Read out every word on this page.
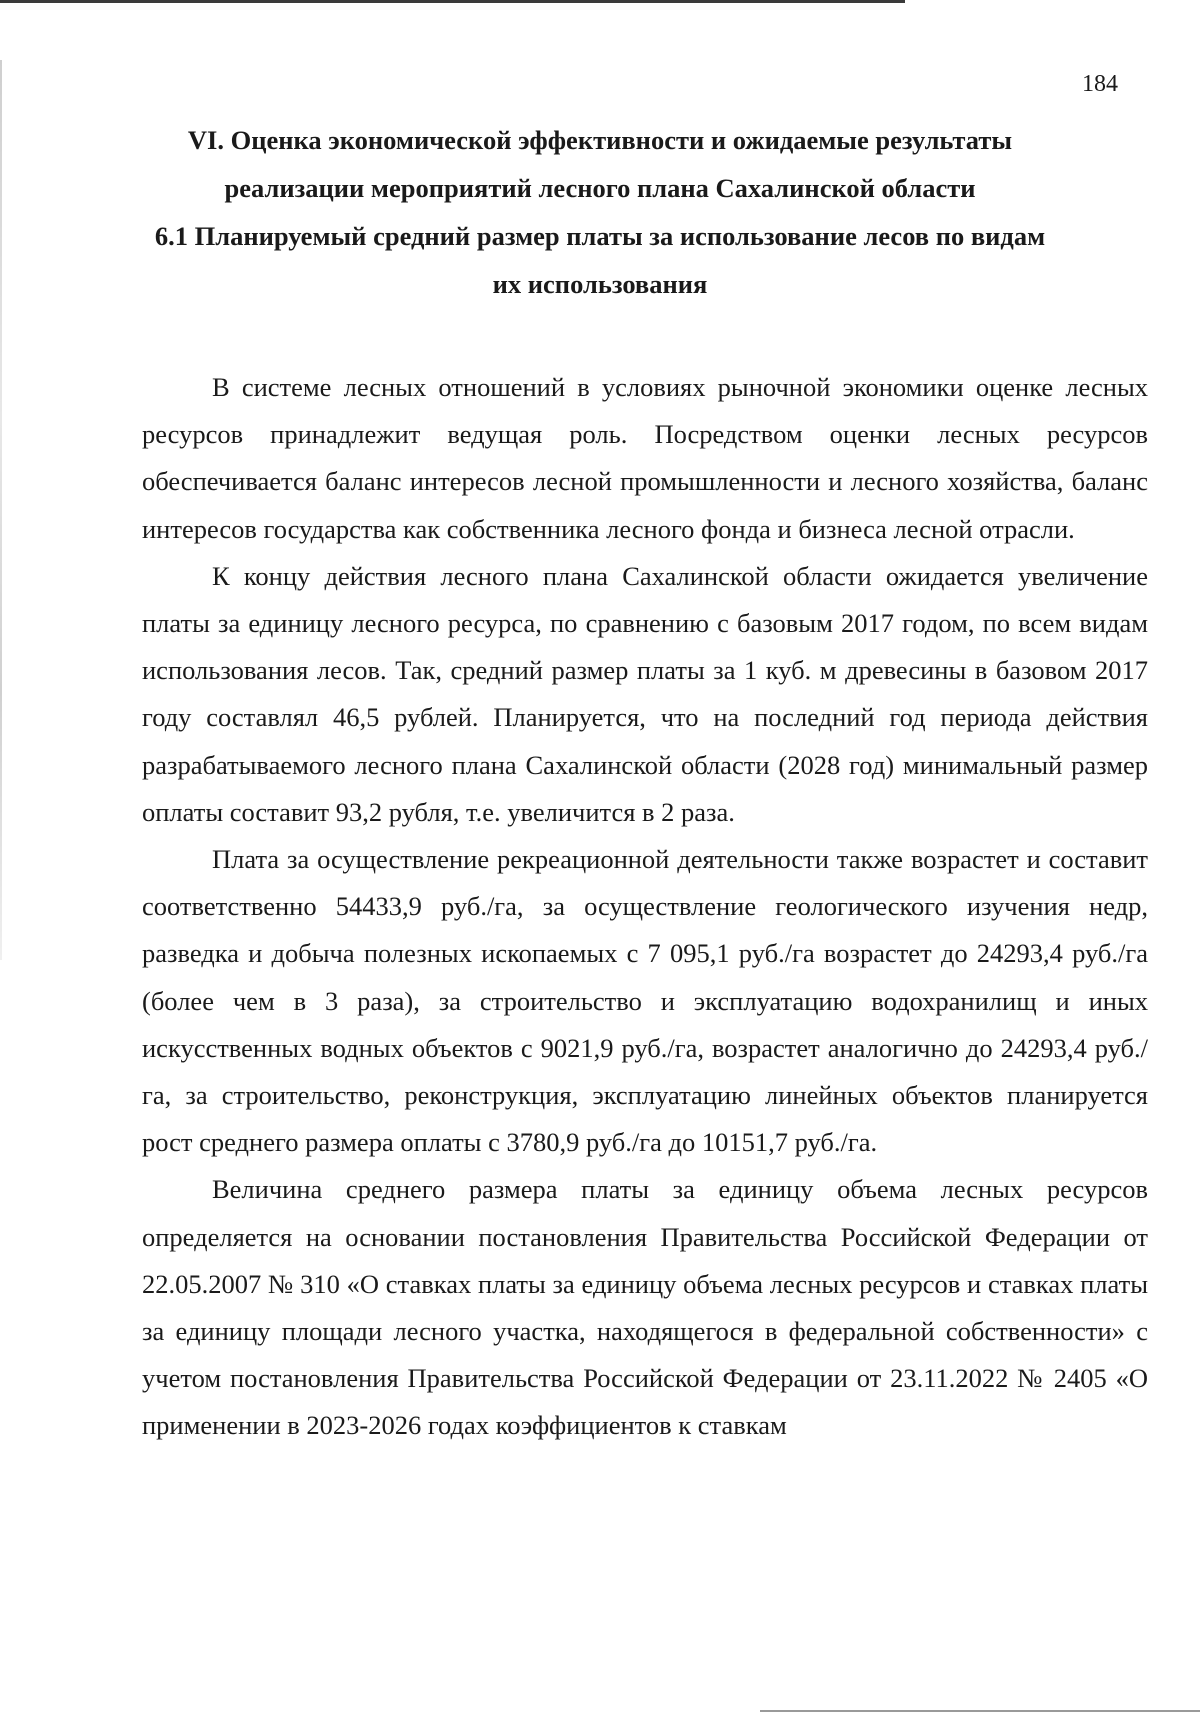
184
VI. Оценка экономической эффективности и ожидаемые результаты реализации мероприятий лесного плана Сахалинской области
6.1 Планируемый средний размер платы за использование лесов по видам их использования

В системе лесных отношений в условиях рыночной экономики оценке лесных ресурсов принадлежит ведущая роль. Посредством оценки лесных ресурсов обеспечивается баланс интересов лесной промышленности и лесного хозяйства, баланс интересов государства как собственника лесного фонда и бизнеса лесной отрасли.

К концу действия лесного плана Сахалинской области ожидается увеличение платы за единицу лесного ресурса, по сравнению с базовым 2017 годом, по всем видам использования лесов. Так, средний размер платы за 1 куб. м древесины в базовом 2017 году составлял 46,5 рублей. Планируется, что на последний год периода действия разрабатываемого лесного плана Сахалинской области (2028 год) минимальный размер оплаты составит 93,2 рубля, т.е. увеличится в 2 раза.

Плата за осуществление рекреационной деятельности также возрастет и составит соответственно 54433,9 руб./га, за осуществление геологического изучения недр, разведка и добыча полезных ископаемых с 7 095,1 руб./га возрастет до 24293,4 руб./га (более чем в 3 раза), за строительство и эксплуатацию водохранилищ и иных искусственных водных объектов с 9021,9 руб./га, возрастет аналогично до 24293,4 руб./га, за строительство, реконструкция, эксплуатацию линейных объектов планируется рост среднего размера оплаты с 3780,9 руб./га до 10151,7 руб./га.

Величина среднего размера платы за единицу объема лесных ресурсов определяется на основании постановления Правительства Российской Федерации от 22.05.2007 № 310 «О ставках платы за единицу объема лесных ресурсов и ставках платы за единицу площади лесного участка, находящегося в федеральной собственности» с учетом постановления Правительства Российской Федерации от 23.11.2022 № 2405 «О применении в 2023-2026 годах коэффициентов к ставкам
